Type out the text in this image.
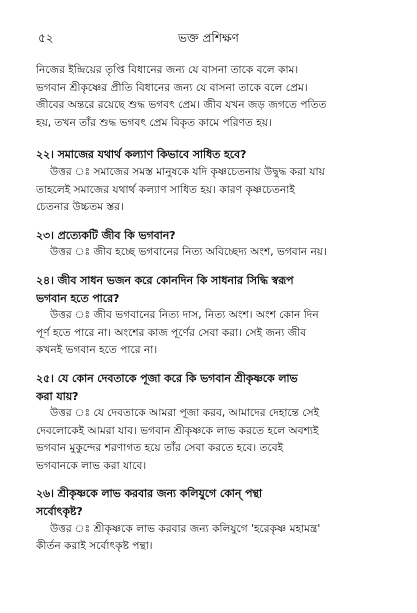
৫২	ভক্ত প্রশিক্ষণ

নিজের ইন্দ্রিয়ের তৃপ্তি বিধানের জন্য যে বাসনা তাকে বলে কাম।
ভগবান শ্রীকৃষ্ণের প্রীতি বিধানের জন্য যে বাসনা তাকে বলে প্রেম।
জীবের অন্তরে রয়েছে শুদ্ধ ভগবৎ প্রেম। জীব যখন জড় জগতে পতিত
হয়, তখন তাঁর শুদ্ধ ভগবৎ প্রেম বিকৃত কামে পরিণত হয়।

২২। সমাজের যথার্থ কল্যাণ কিভাবে সাধিত হবে?

উত্তর ঃ সমাজের সমস্ত মানুষকে যদি কৃষ্ণচেতনায় উদ্বুদ্ধ করা যায়
তাহলেই সমাজের যথার্থ কল্যাণ সাধিত হয়। কারণ কৃষ্ণচেতনাই
চেতনার উচ্চতম স্তর।

২৩। প্রত্যেকটি জীব কি ভগবান?

উত্তর ঃ জীব হচ্ছে ভগবানের নিত্য অবিচ্ছেদ্য অংশ, ভগবান নয়।

২৪। জীব সাধন ভজন করে কোনদিন কি সাধনার সিদ্ধি স্বরূপ
ভগবান হতে পারে?

উত্তর ঃ জীব ভগবানের নিত্য দাস, নিত্য অংশ। অংশ কোন দিন
পূর্ণ হতে পারে না। অংশের কাজ পূর্ণের সেবা করা। সেই জন্য জীব
কখনই ভগবান হতে পারে না।

২৫। যে কোন দেবতাকে পূজা করে কি ভগবান শ্রীকৃষ্ণকে লাভ
করা যায়?

উত্তর ঃ যে দেবতাকে আমরা পূজা করব, আমাদের দেহান্তে সেই
দেবলোকেই আমরা যাব। ভগবান শ্রীকৃষ্ণকে লাভ করতে হলে অবশ্যই
ভগবান মুকুন্দের শরণাগত হয়ে তাঁর সেবা করতে হবে। তবেই
ভগবানকে লাভ করা যাবে।

২৬। শ্রীকৃষ্ণকে লাভ করবার জন্য কলিযুগে কোন্ পন্থা
সর্বোৎকৃষ্ট?

উত্তর ঃ শ্রীকৃষ্ণকে লাভ করবার জন্য কলিযুগে 'হরেকৃষ্ণ মহামন্ত্র'
কীর্তন করাই সর্বোৎকৃষ্ট পন্থা।
